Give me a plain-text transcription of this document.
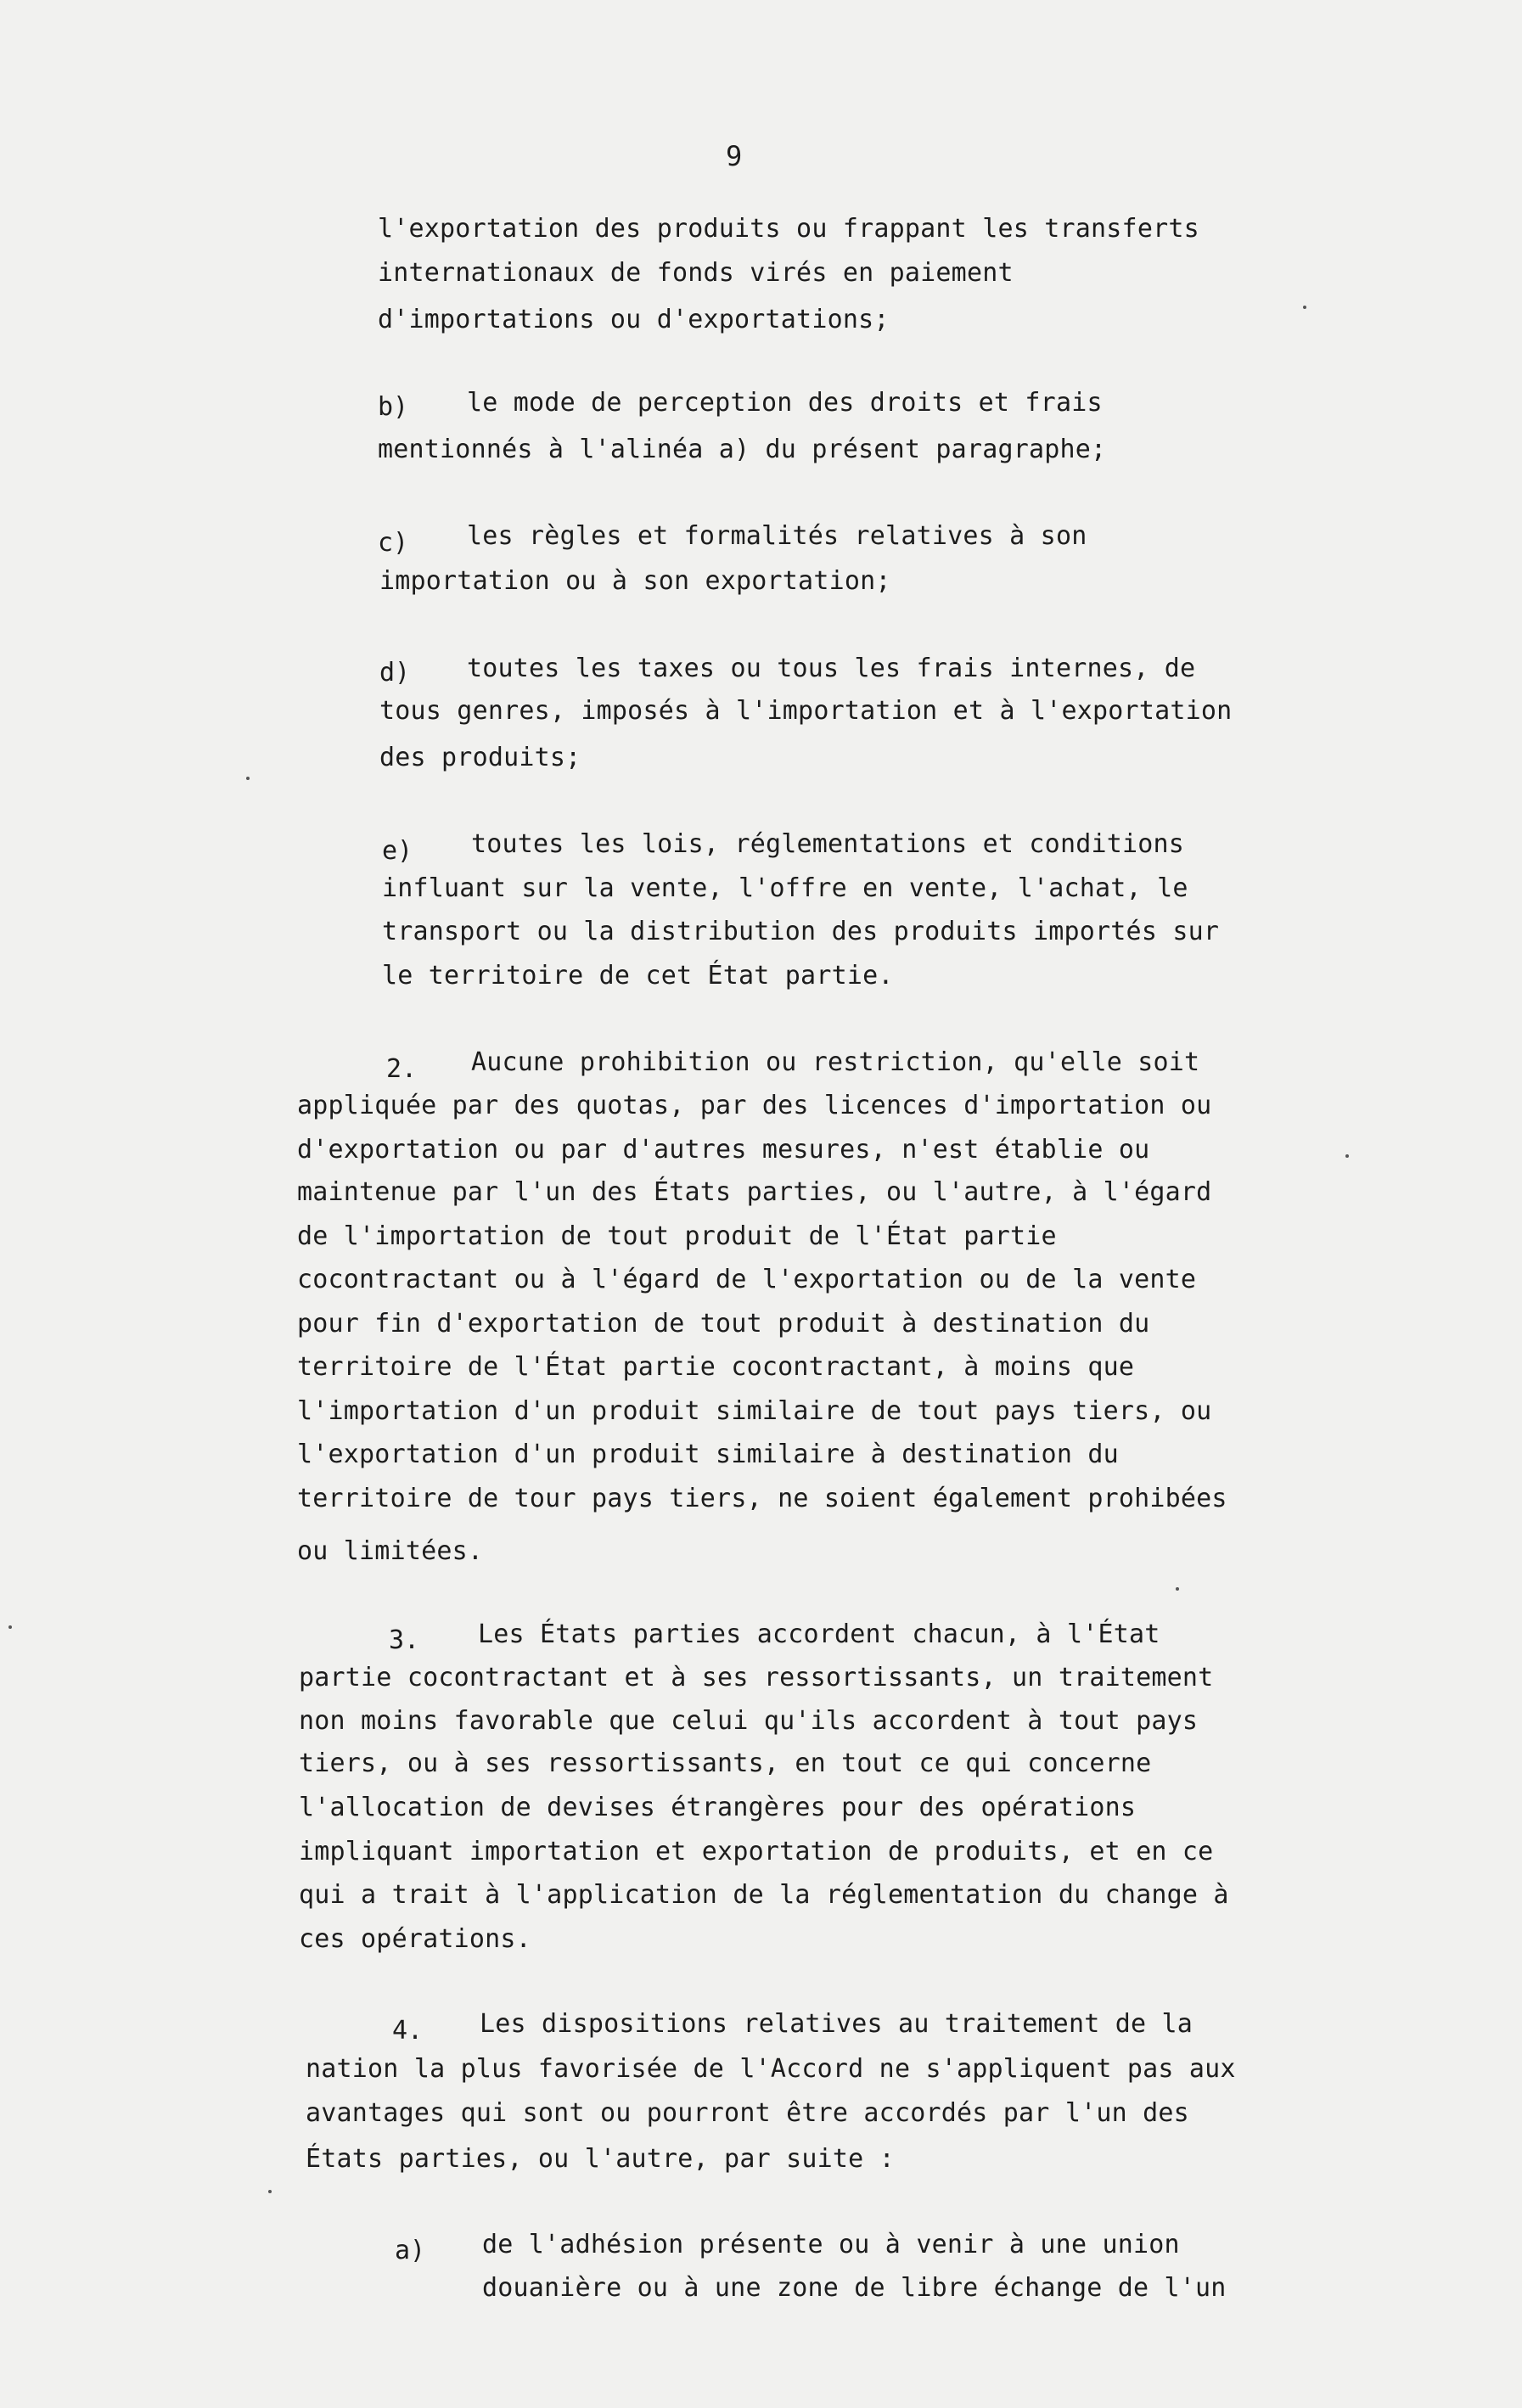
9
l'exportation des produits ou frappant les transferts
internationaux de fonds virés en paiement
d'importations ou d'exportations;
b) le mode de perception des droits et frais
mentionnés à l'alinéa a) du présent paragraphe;
c) les règles et formalités relatives à son
importation ou à son exportation;
d) toutes les taxes ou tous les frais internes, de
tous genres, imposés à l'importation et à l'exportation
des produits;
e) toutes les lois, réglementations et conditions
influant sur la vente, l'offre en vente, l'achat, le
transport ou la distribution des produits importés sur
le territoire de cet État partie.
2. Aucune prohibition ou restriction, qu'elle soit
appliquée par des quotas, par des licences d'importation ou
d'exportation ou par d'autres mesures, n'est établie ou
maintenue par l'un des États parties, ou l'autre, à l'égard
de l'importation de tout produit de l'État partie
cocontractant ou à l'égard de l'exportation ou de la vente
pour fin d'exportation de tout produit à destination du
territoire de l'État partie cocontractant, à moins que
l'importation d'un produit similaire de tout pays tiers, ou
l'exportation d'un produit similaire à destination du
territoire de tour pays tiers, ne soient également prohibées
ou limitées.
3. Les États parties accordent chacun, à l'État
partie cocontractant et à ses ressortissants, un traitement
non moins favorable que celui qu'ils accordent à tout pays
tiers, ou à ses ressortissants, en tout ce qui concerne
l'allocation de devises étrangères pour des opérations
impliquant importation et exportation de produits, et en ce
qui a trait à l'application de la réglementation du change à
ces opérations.
4. Les dispositions relatives au traitement de la
nation la plus favorisée de l'Accord ne s'appliquent pas aux
avantages qui sont ou pourront être accordés par l'un des
États parties, ou l'autre, par suite :
a) de l'adhésion présente ou à venir à une union
douanière ou à une zone de libre échange de l'un
